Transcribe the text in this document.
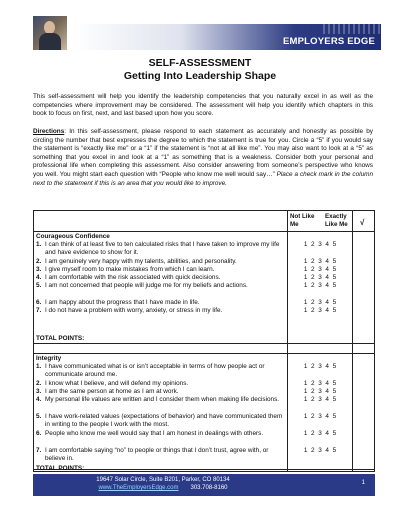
EMPLOYERS EDGE
SELF-ASSESSMENT
Getting Into Leadership Shape

This self-assessment will help you identify the leadership competencies that you naturally excel in as well as the competencies where improvement may be considered. The assessment will help you identify which chapters in this book to focus on first, next, and last based upon how you score.

Directions: In this self-assessment, please respond to each statement as accurately and honestly as possible by circling the number that best expresses the degree to which the statement is true for you. Circle a “5” if you would say the statement is “exactly like me” or a “1” if the statement is “not at all like me”. You may also want to look at a “5” as something that you excel in and look at a “1” as something that is a weakness. Consider both your personal and professional life when completing this assessment. Also consider answering from someone’s perspective who knows you well. You might start each question with “People who know me well would say…” Place a check mark in the column next to the statement if this is an area that you would like to improve.

Not Like Me
Exactly Like Me	√
Courageous Confidence
1. I can think of at least five to ten calculated risks that I have taken to improve my life and have evidence to show for it.
1 2 3 4 5
2. I am genuinely very happy with my talents, abilities, and personality.	1 2 3 4 5
3. I give myself room to make mistakes from which I can learn.	1 2 3 4 5
4. I am comfortable with the risk associated with quick decisions.	1 2 3 4 5
5. I am not concerned that people will judge me for my beliefs and actions.	1 2 3 4 5
6. I am happy about the progress that I have made in life.	1 2 3 4 5
7. I do not have a problem with worry, anxiety, or stress in my life.	1 2 3 4 5
TOTAL POINTS:
Integrity
1. I have communicated what is or isn’t acceptable in terms of how people act or communicate around me.
1 2 3 4 5
2. I know what I believe, and will defend my opinions.	1 2 3 4 5
3. I am the same person at home as I am at work.	1 2 3 4 5
4. My personal life values are written and I consider them when making life decisions.	1 2 3 4 5
5. I have work-related values (expectations of behavior) and have communicated them in writing to the people I work with the most.
1 2 3 4 5
6. People who know me well would say that I am honest in dealings with others.	1 2 3 4 5
7. I am comfortable saying “no” to people or things that I don’t trust, agree with, or believe in.
1 2 3 4 5
TOTAL POINTS:
19647 Solar Circle, Suite B201, Parker, CO 80134
www.TheEmployersEdge.com 303.708-8160
1
